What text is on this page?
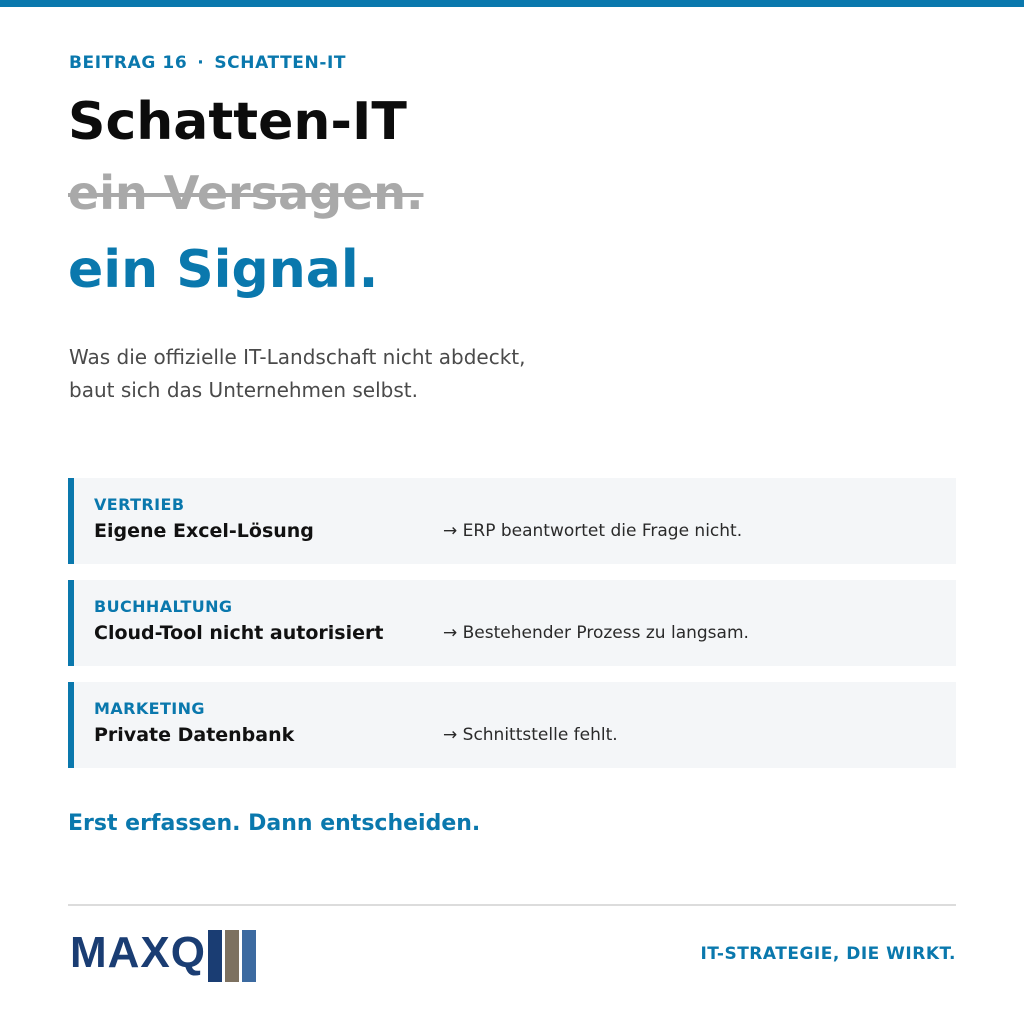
BEITRAG 16 · SCHATTEN-IT
Schatten-IT
ein Versagen.
ein Signal.
Was die offizielle IT-Landschaft nicht abdeckt,
baut sich das Unternehmen selbst.
VERTRIEB
Eigene Excel-Lösung	→ ERP beantwortet die Frage nicht.
BUCHHALTUNG
Cloud-Tool nicht autorisiert	→ Bestehender Prozess zu langsam.
MARKETING
Private Datenbank	→ Schnittstelle fehlt.
Erst erfassen. Dann entscheiden.
MAXQ	IT-STRATEGIE, DIE WIRKT.
